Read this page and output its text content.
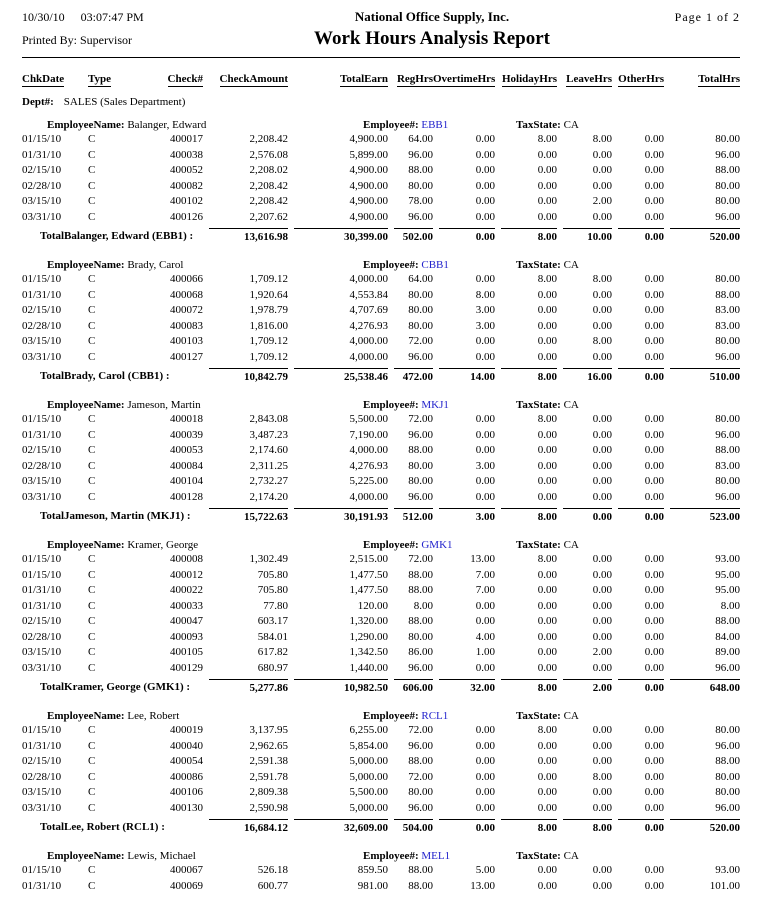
10/30/10 03:07:47 PM	National Office Supply, Inc.	Page 1 of 2
Printed By: Supervisor	Work Hours Analysis Report
ChkDate	Type	Check#	CheckAmount	TotalEarn	RegHrs	OvertimeHrs	HolidayHrs	LeaveHrs	OtherHrs	TotalHrs
Dept#: SALES (Sales Department)										

EmployeeName: Balanger, Edward Employee#: EBB1 TaxState: CA										

01/15/10	C	400017	2,208.42	4,900.00	64.00	0.00	8.00	8.00	0.00	80.00
01/31/10	C	400038	2,576.08	5,899.00	96.00	0.00	0.00	0.00	0.00	96.00
02/15/10	C	400052	2,208.02	4,900.00	88.00	0.00	0.00	0.00	0.00	88.00
02/28/10	C	400082	2,208.42	4,900.00	80.00	0.00	0.00	0.00	0.00	80.00
03/15/10	C	400102	2,208.42	4,900.00	78.00	0.00	0.00	2.00	0.00	80.00
03/31/10	C	400126	2,207.62	4,900.00	96.00	0.00	0.00	0.00	0.00	96.00
TotalBalanger, Edward (EBB1) :			13,616.98	30,399.00	502.00	0.00	8.00	10.00	0.00	520.00

EmployeeName: Brady, Carol Employee#: CBB1 TaxState: CA										

01/15/10	C	400066	1,709.12	4,000.00	64.00	0.00	8.00	8.00	0.00	80.00
01/31/10	C	400068	1,920.64	4,553.84	80.00	8.00	0.00	0.00	0.00	88.00
02/15/10	C	400072	1,978.79	4,707.69	80.00	3.00	0.00	0.00	0.00	83.00
02/28/10	C	400083	1,816.00	4,276.93	80.00	3.00	0.00	0.00	0.00	83.00
03/15/10	C	400103	1,709.12	4,000.00	72.00	0.00	0.00	8.00	0.00	80.00
03/31/10	C	400127	1,709.12	4,000.00	96.00	0.00	0.00	0.00	0.00	96.00
TotalBrady, Carol (CBB1) :			10,842.79	25,538.46	472.00	14.00	8.00	16.00	0.00	510.00

EmployeeName: Jameson, Martin Employee#: MKJ1 TaxState: CA										

01/15/10	C	400018	2,843.08	5,500.00	72.00	0.00	8.00	0.00	0.00	80.00
01/31/10	C	400039	3,487.23	7,190.00	96.00	0.00	0.00	0.00	0.00	96.00
02/15/10	C	400053	2,174.60	4,000.00	88.00	0.00	0.00	0.00	0.00	88.00
02/28/10	C	400084	2,311.25	4,276.93	80.00	3.00	0.00	0.00	0.00	83.00
03/15/10	C	400104	2,732.27	5,225.00	80.00	0.00	0.00	0.00	0.00	80.00
03/31/10	C	400128	2,174.20	4,000.00	96.00	0.00	0.00	0.00	0.00	96.00
TotalJameson, Martin (MKJ1) :			15,722.63	30,191.93	512.00	3.00	8.00	0.00	0.00	523.00

EmployeeName: Kramer, George Employee#: GMK1 TaxState: CA										

01/15/10	C	400008	1,302.49	2,515.00	72.00	13.00	8.00	0.00	0.00	93.00
01/15/10	C	400012	705.80	1,477.50	88.00	7.00	0.00	0.00	0.00	95.00
01/31/10	C	400022	705.80	1,477.50	88.00	7.00	0.00	0.00	0.00	95.00
01/31/10	C	400033	77.80	120.00	8.00	0.00	0.00	0.00	0.00	8.00
02/15/10	C	400047	603.17	1,320.00	88.00	0.00	0.00	0.00	0.00	88.00
02/28/10	C	400093	584.01	1,290.00	80.00	4.00	0.00	0.00	0.00	84.00
03/15/10	C	400105	617.82	1,342.50	86.00	1.00	0.00	2.00	0.00	89.00
03/31/10	C	400129	680.97	1,440.00	96.00	0.00	0.00	0.00	0.00	96.00
TotalKramer, George (GMK1) :			5,277.86	10,982.50	606.00	32.00	8.00	2.00	0.00	648.00

EmployeeName: Lee, Robert Employee#: RCL1 TaxState: CA										

01/15/10	C	400019	3,137.95	6,255.00	72.00	0.00	8.00	0.00	0.00	80.00
01/31/10	C	400040	2,962.65	5,854.00	96.00	0.00	0.00	0.00	0.00	96.00
02/15/10	C	400054	2,591.38	5,000.00	88.00	0.00	0.00	0.00	0.00	88.00
02/28/10	C	400086	2,591.78	5,000.00	72.00	0.00	0.00	8.00	0.00	80.00
03/15/10	C	400106	2,809.38	5,500.00	80.00	0.00	0.00	0.00	0.00	80.00
03/31/10	C	400130	2,590.98	5,000.00	96.00	0.00	0.00	0.00	0.00	96.00
TotalLee, Robert (RCL1) :			16,684.12	32,609.00	504.00	0.00	8.00	8.00	0.00	520.00

EmployeeName: Lewis, Michael Employee#: MEL1 TaxState: CA										

01/15/10	C	400067	526.18	859.50	88.00	5.00	0.00	0.00	0.00	93.00
01/31/10	C	400069	600.77	981.00	88.00	13.00	0.00	0.00	0.00	101.00
